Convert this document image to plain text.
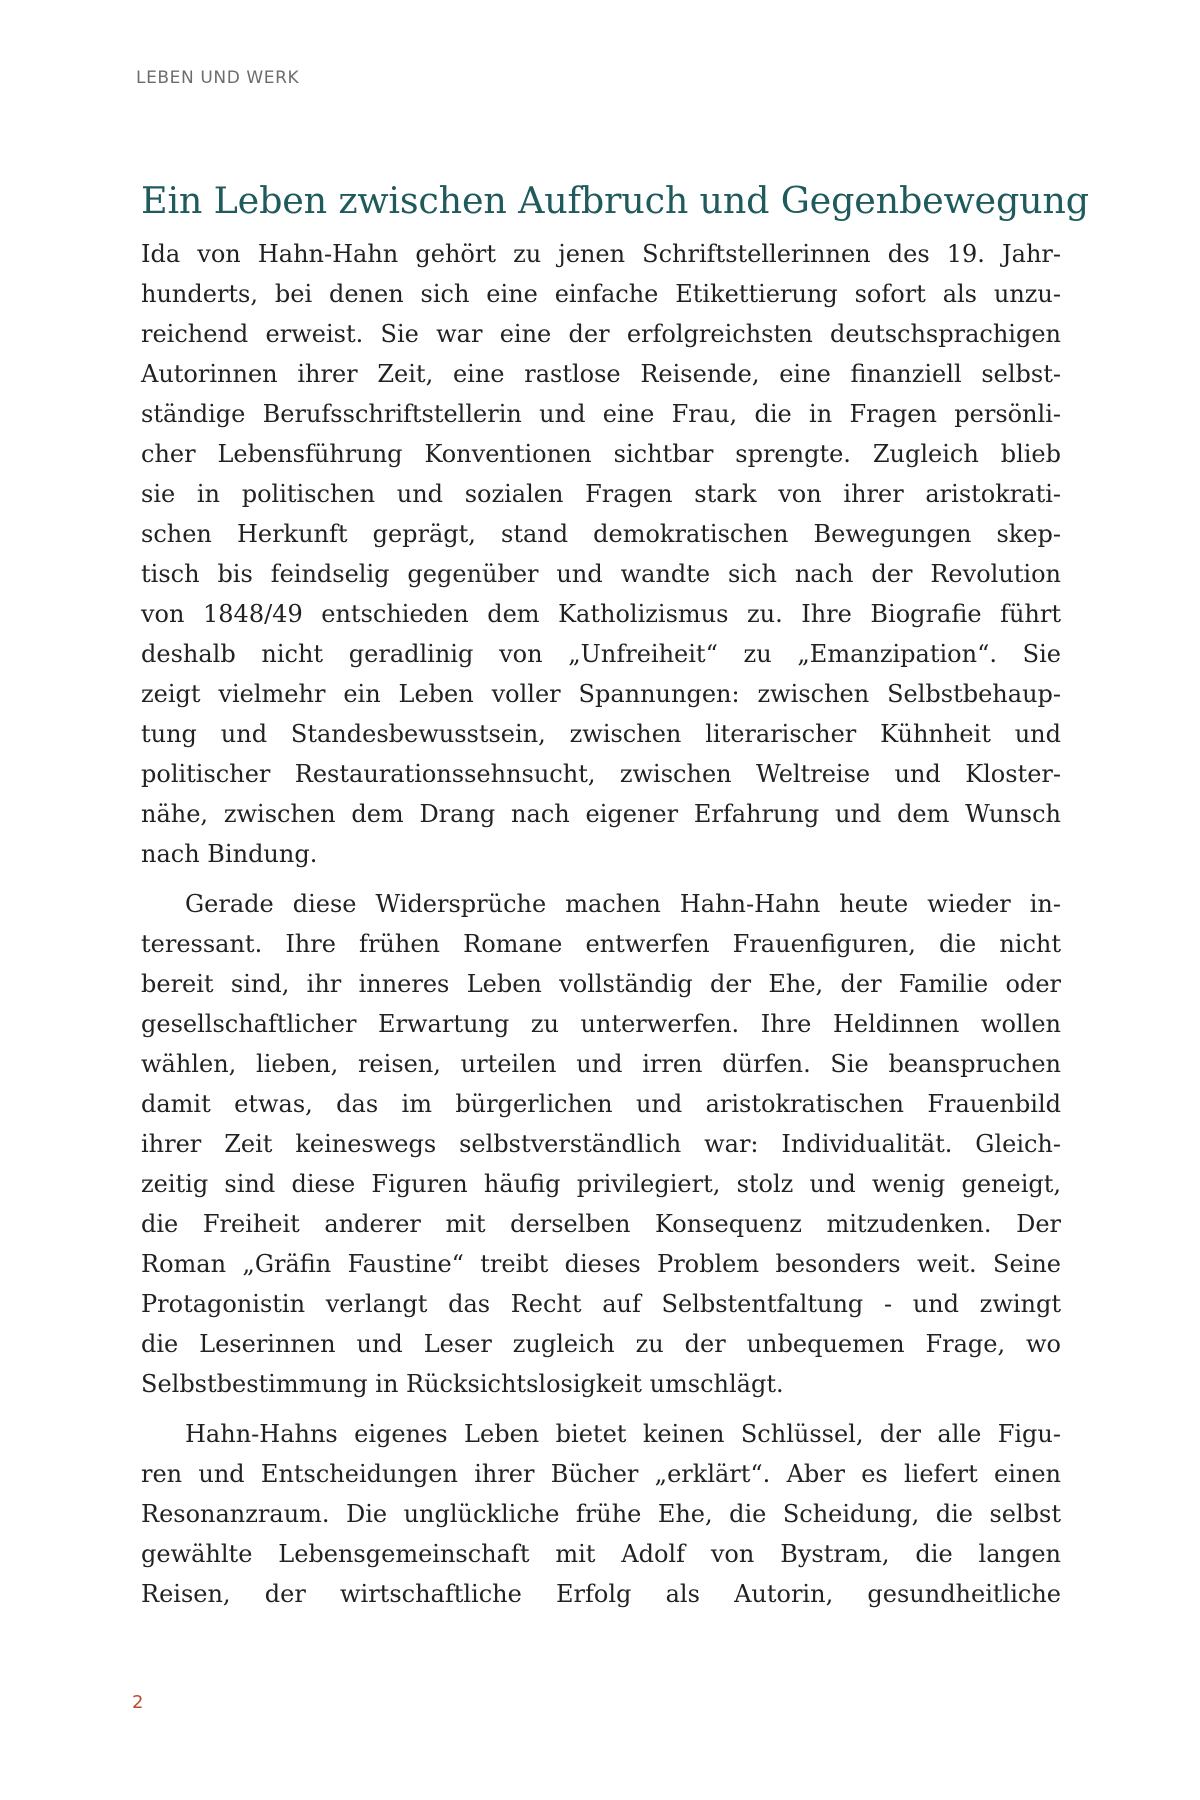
LEBEN UND WERK
Ein Leben zwischen Aufbruch und Gegenbewegung
Ida von Hahn-Hahn gehört zu jenen Schriftstellerinnen des 19. Jahr-
hunderts, bei denen sich eine einfache Etikettierung sofort als unzu-
reichend erweist. Sie war eine der erfolgreichsten deutschsprachigen
Autorinnen ihrer Zeit, eine rastlose Reisende, eine finanziell selbst-
ständige Berufsschriftstellerin und eine Frau, die in Fragen persönli-
cher Lebensführung Konventionen sichtbar sprengte. Zugleich blieb
sie in politischen und sozialen Fragen stark von ihrer aristokrati-
schen Herkunft geprägt, stand demokratischen Bewegungen skep-
tisch bis feindselig gegenüber und wandte sich nach der Revolution
von 1848/49 entschieden dem Katholizismus zu. Ihre Biografie führt
deshalb nicht geradlinig von „Unfreiheit“ zu „Emanzipation“. Sie
zeigt vielmehr ein Leben voller Spannungen: zwischen Selbstbehaup-
tung und Standesbewusstsein, zwischen literarischer Kühnheit und
politischer Restaurationssehnsucht, zwischen Weltreise und Kloster-
nähe, zwischen dem Drang nach eigener Erfahrung und dem Wunsch
nach Bindung.
Gerade diese Widersprüche machen Hahn-Hahn heute wieder in-
teressant. Ihre frühen Romane entwerfen Frauenfiguren, die nicht
bereit sind, ihr inneres Leben vollständig der Ehe, der Familie oder
gesellschaftlicher Erwartung zu unterwerfen. Ihre Heldinnen wollen
wählen, lieben, reisen, urteilen und irren dürfen. Sie beanspruchen
damit etwas, das im bürgerlichen und aristokratischen Frauenbild
ihrer Zeit keineswegs selbstverständlich war: Individualität. Gleich-
zeitig sind diese Figuren häufig privilegiert, stolz und wenig geneigt,
die Freiheit anderer mit derselben Konsequenz mitzudenken. Der
Roman „Gräfin Faustine“ treibt dieses Problem besonders weit. Seine
Protagonistin verlangt das Recht auf Selbstentfaltung - und zwingt
die Leserinnen und Leser zugleich zu der unbequemen Frage, wo
Selbstbestimmung in Rücksichtslosigkeit umschlägt.
Hahn-Hahns eigenes Leben bietet keinen Schlüssel, der alle Figu-
ren und Entscheidungen ihrer Bücher „erklärt“. Aber es liefert einen
Resonanzraum. Die unglückliche frühe Ehe, die Scheidung, die selbst
gewählte Lebensgemeinschaft mit Adolf von Bystram, die langen
Reisen, der wirtschaftliche Erfolg als Autorin, gesundheitliche
2
